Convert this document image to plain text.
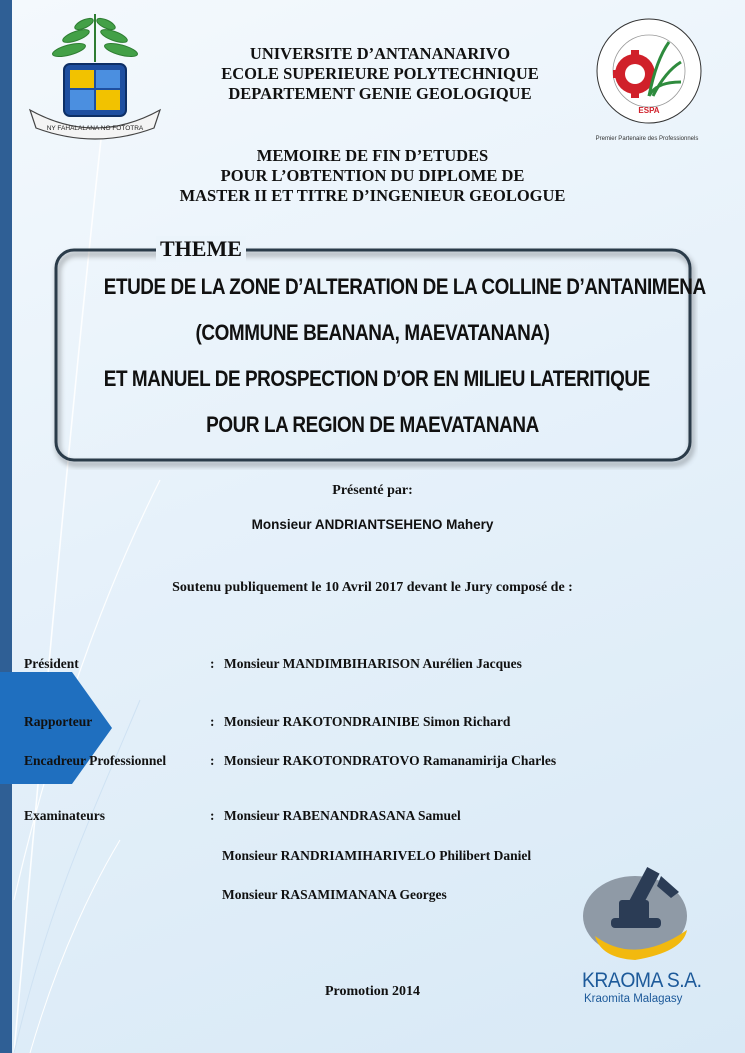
NY FAHALALANA NO FOTOTRA
ESPA
Premier Partenaire des Professionnels
UNIVERSITE D’ANTANANARIVO
ECOLE SUPERIEURE POLYTECHNIQUE
DEPARTEMENT GENIE GEOLOGIQUE
MEMOIRE DE FIN D’ETUDES
POUR L’OBTENTION DU DIPLOME DE
MASTER II ET TITRE D’INGENIEUR GEOLOGUE
THEME
ETUDE DE LA ZONE D’ALTERATION DE LA COLLINE D’ANTANIMENA
(COMMUNE BEANANA, MAEVATANANA)
ET MANUEL DE PROSPECTION D’OR EN MILIEU LATERITIQUE
POUR LA REGION DE MAEVATANANA
Présenté par:
Monsieur ANDRIANTSEHENO Mahery
Soutenu publiquement le 10 Avril 2017 devant le Jury composé de :
Président	: Monsieur MANDIMBIHARISON Aurélien Jacques
Rapporteur	: Monsieur RAKOTONDRAINIBE Simon Richard
Encadreur Professionnel	: Monsieur RAKOTONDRATOVO Ramanamirija Charles
Examinateurs	: Monsieur RABENANDRASANA Samuel
Monsieur RANDRIAMIHARIVELO Philibert Daniel
Monsieur RASAMIMANANA Georges
Promotion 2014	KRAOMA S.A.
Kraomita Malagasy
